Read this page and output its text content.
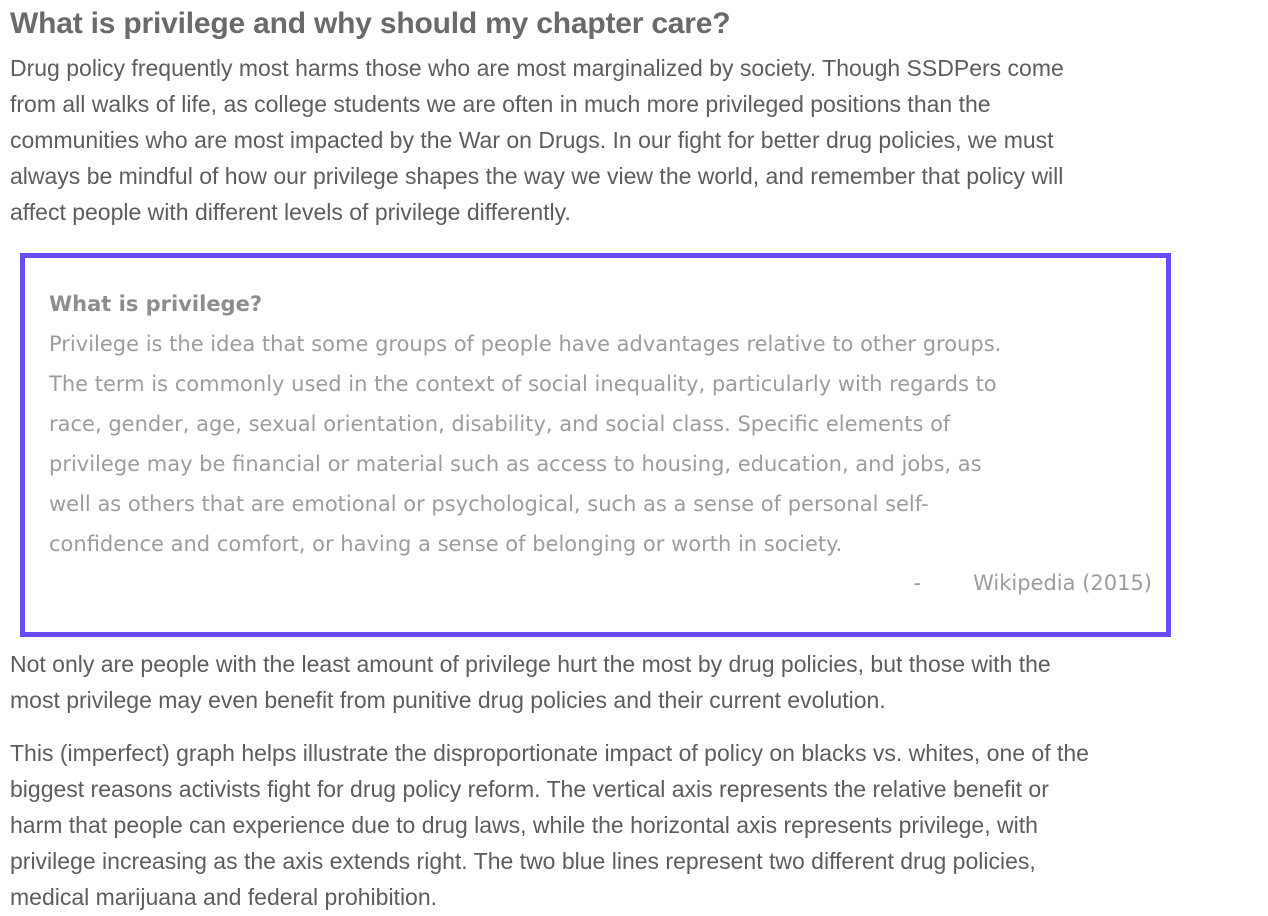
What is privilege and why should my chapter care?

Drug policy frequently most harms those who are most marginalized by society. Though SSDPers come
from all walks of life, as college students we are often in much more privileged positions than the
communities who are most impacted by the War on Drugs. In our fight for better drug policies, we must
always be mindful of how our privilege shapes the way we view the world, and remember that policy will
affect people with different levels of privilege differently.

What is privilege?
Privilege is the idea that some groups of people have advantages relative to other groups.
The term is commonly used in the context of social inequality, particularly with regards to
race, gender, age, sexual orientation, disability, and social class. Specific elements of
privilege may be financial or material such as access to housing, education, and jobs, as
well as others that are emotional or psychological, such as a sense of personal self-
confidence and comfort, or having a sense of belonging or worth in society.
- Wikipedia (2015)

Not only are people with the least amount of privilege hurt the most by drug policies, but those with the
most privilege may even benefit from punitive drug policies and their current evolution.

This (imperfect) graph helps illustrate the disproportionate impact of policy on blacks vs. whites, one of the
biggest reasons activists fight for drug policy reform. The vertical axis represents the relative benefit or
harm that people can experience due to drug laws, while the horizontal axis represents privilege, with
privilege increasing as the axis extends right. The two blue lines represent two different drug policies,
medical marijuana and federal prohibition.
